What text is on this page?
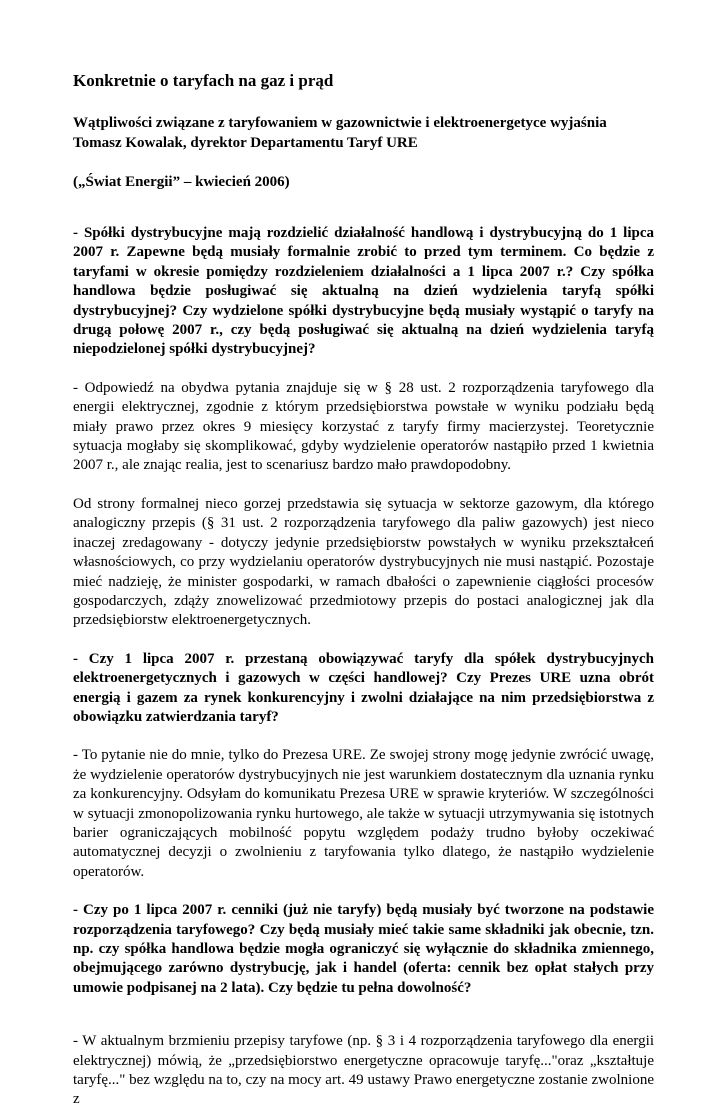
Konkretnie o taryfach na gaz i prąd

Wątpliwości związane z taryfowaniem w gazownictwie i elektroenergetyce wyjaśnia Tomasz Kowalak, dyrektor Departamentu Taryf URE

(„Świat Energii” – kwiecień 2006)

- Spółki dystrybucyjne mają rozdzielić działalność handlową i dystrybucyjną do 1 lipca 2007 r. Zapewne będą musiały formalnie zrobić to przed tym terminem. Co będzie z taryfami w okresie pomiędzy rozdzieleniem działalności a 1 lipca 2007 r.? Czy spółka handlowa będzie posługiwać się aktualną na dzień wydzielenia taryfą spółki dystrybucyjnej? Czy wydzielone spółki dystrybucyjne będą musiały wystąpić o taryfy na drugą połowę 2007 r., czy będą posługiwać się aktualną na dzień wydzielenia taryfą niepodzielonej spółki dystrybucyjnej?

- Odpowiedź na obydwa pytania znajduje się w § 28 ust. 2 rozporządzenia taryfowego dla energii elektrycznej, zgodnie z którym przedsiębiorstwa powstałe w wyniku podziału będą miały prawo przez okres 9 miesięcy korzystać z taryfy firmy macierzystej. Teoretycznie sytuacja mogłaby się skomplikować, gdyby wydzielenie operatorów nastąpiło przed 1 kwietnia 2007 r., ale znając realia, jest to scenariusz bardzo mało prawdopodobny.

Od strony formalnej nieco gorzej przedstawia się sytuacja w sektorze gazowym, dla którego analogiczny przepis (§ 31 ust. 2 rozporządzenia taryfowego dla paliw gazowych) jest nieco inaczej zredagowany - dotyczy jedynie przedsiębiorstw powstałych w wyniku przekształceń własnościowych, co przy wydzielaniu operatorów dystrybucyjnych nie musi nastąpić. Pozostaje mieć nadzieję, że minister gospodarki, w ramach dbałości o zapewnienie ciągłości procesów gospodarczych, zdąży znowelizować przedmiotowy przepis do postaci analogicznej jak dla przedsiębiorstw elektroenergetycznych.

- Czy 1 lipca 2007 r. przestaną obowiązywać taryfy dla spółek dystrybucyjnych elektroenergetycznych i gazowych w części handlowej? Czy Prezes URE uzna obrót energią i gazem za rynek konkurencyjny i zwolni działające na nim przedsiębiorstwa z obowiązku zatwierdzania taryf?

- To pytanie nie do mnie, tylko do Prezesa URE. Ze swojej strony mogę jedynie zwrócić uwagę, że wydzielenie operatorów dystrybucyjnych nie jest warunkiem dostatecznym dla uznania rynku za konkurencyjny. Odsyłam do komunikatu Prezesa URE w sprawie kryteriów. W szczególności w sytuacji zmonopolizowania rynku hurtowego, ale także w sytuacji utrzymywania się istotnych barier ograniczających mobilność popytu względem podaży trudno byłoby oczekiwać automatycznej decyzji o zwolnieniu z taryfowania tylko dlatego, że nastąpiło wydzielenie operatorów.

- Czy po 1 lipca 2007 r. cenniki (już nie taryfy) będą musiały być tworzone na podstawie rozporządzenia taryfowego? Czy będą musiały mieć takie same składniki jak obecnie, tzn. np. czy spółka handlowa będzie mogła ograniczyć się wyłącznie do składnika zmiennego, obejmującego zarówno dystrybucję, jak i handel (oferta: cennik bez opłat stałych przy umowie podpisanej na 2 lata). Czy będzie tu pełna dowolność?

- W aktualnym brzmieniu przepisy taryfowe (np. § 3 i 4 rozporządzenia taryfowego dla energii elektrycznej) mówią, że „przedsiębiorstwo energetyczne opracowuje taryfę..."oraz „kształtuje taryfę..." bez względu na to, czy na mocy art. 49 ustawy Prawo energetyczne zostanie zwolnione z
